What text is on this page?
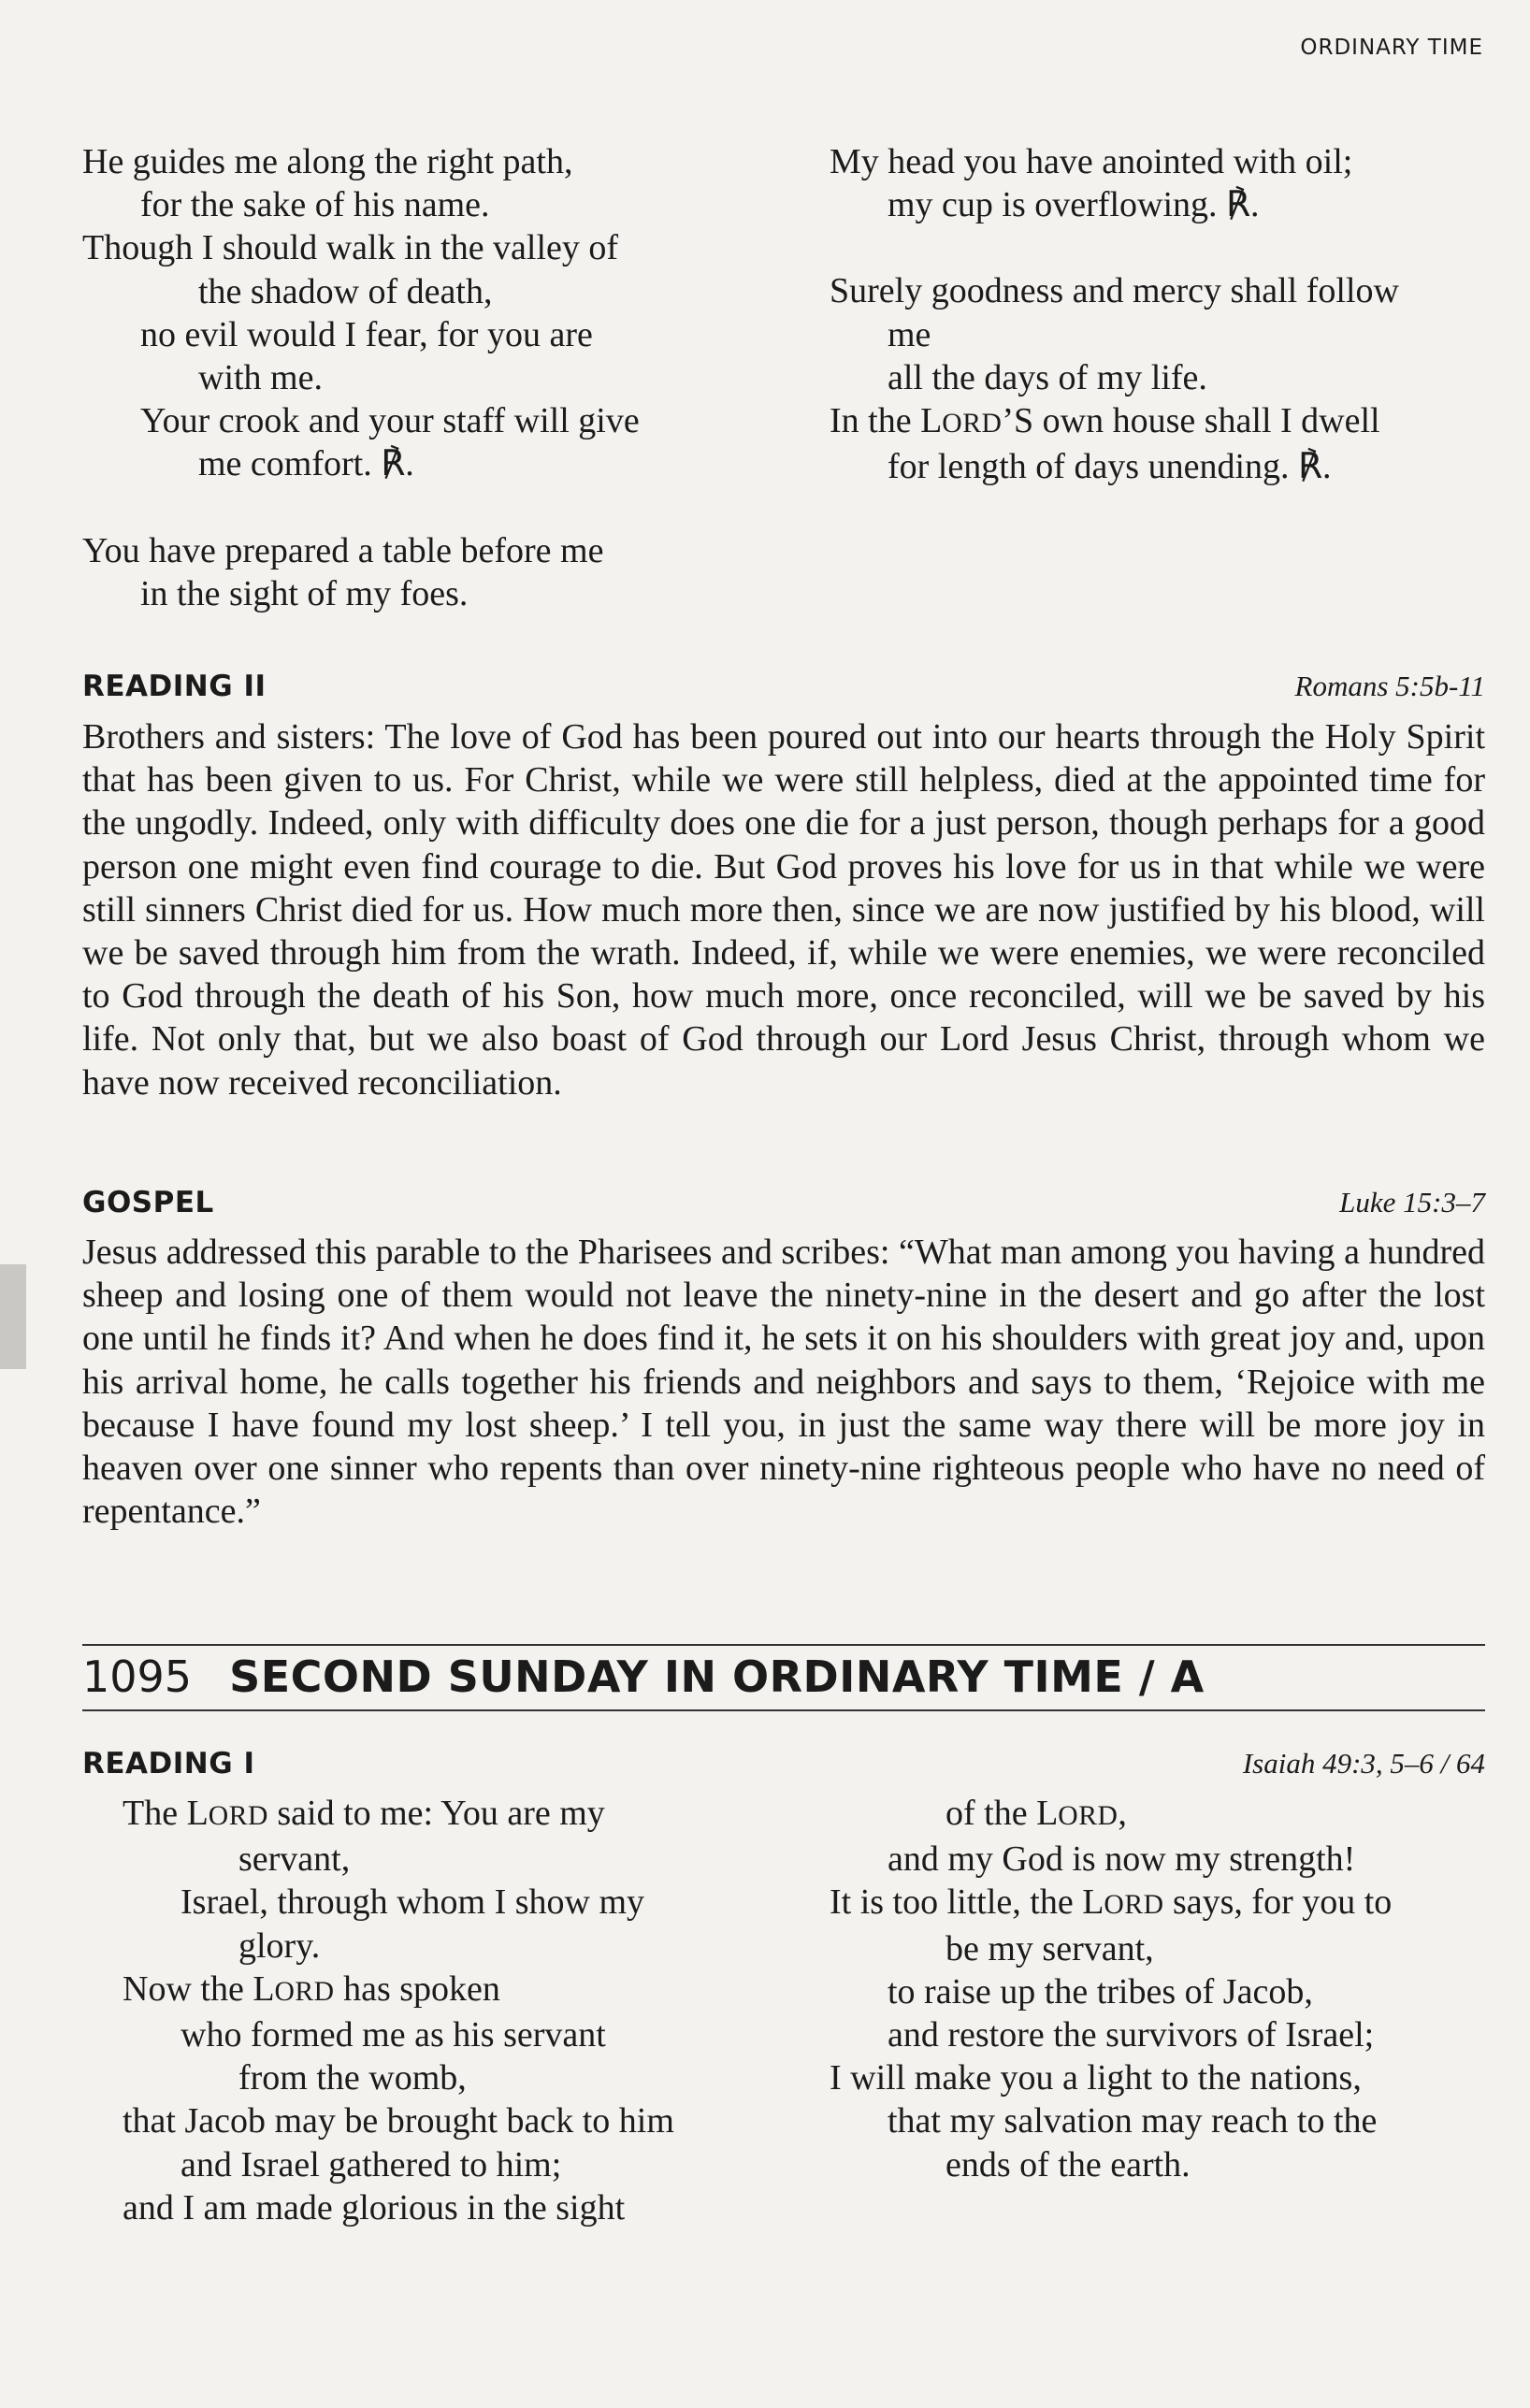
ORDINARY TIME
He guides me along the right path,
for the sake of his name.
Though I should walk in the valley of
the shadow of death,
no evil would I fear, for you are
with me.
Your crook and your staff will give
me comfort. ℟.
You have prepared a table before me
in the sight of my foes.
My head you have anointed with oil;
my cup is overflowing. ℟.
Surely goodness and mercy shall follow
me
all the days of my life.
In the LORD’S own house shall I dwell
for length of days unending. ℟.
READING II	Romans 5:5b-11
Brothers and sisters: The love of God has been poured out into our hearts through the Holy Spirit that has been given to us. For Christ, while we were still helpless, died at the appointed time for the ungodly. Indeed, only with difficulty does one die for a just person, though perhaps for a good person one might even find courage to die. But God proves his love for us in that while we were still sinners Christ died for us. How much more then, since we are now justified by his blood, will we be saved through him from the wrath. Indeed, if, while we were enemies, we were reconciled to God through the death of his Son, how much more, once reconciled, will we be saved by his life. Not only that, but we also boast of God through our Lord Jesus Christ, through whom we have now received reconciliation.
GOSPEL	Luke 15:3–7
Jesus addressed this parable to the Pharisees and scribes: “What man among you having a hundred sheep and losing one of them would not leave the ninety-nine in the desert and go after the lost one until he finds it? And when he does find it, he sets it on his shoulders with great joy and, upon his arrival home, he calls together his friends and neighbors and says to them, ‘Rejoice with me because I have found my lost sheep.’ I tell you, in just the same way there will be more joy in heaven over one sinner who repents than over ninety-nine righteous people who have no need of repentance.”
1095 SECOND SUNDAY IN ORDINARY TIME / A
READING I	Isaiah 49:3, 5–6 / 64
The LORD said to me: You are my
servant,
Israel, through whom I show my
glory.
Now the LORD has spoken
who formed me as his servant
from the womb,
that Jacob may be brought back to him
and Israel gathered to him;
and I am made glorious in the sight
of the LORD,
and my God is now my strength!
It is too little, the LORD says, for you to
be my servant,
to raise up the tribes of Jacob,
and restore the survivors of Israel;
I will make you a light to the nations,
that my salvation may reach to the
ends of the earth.
